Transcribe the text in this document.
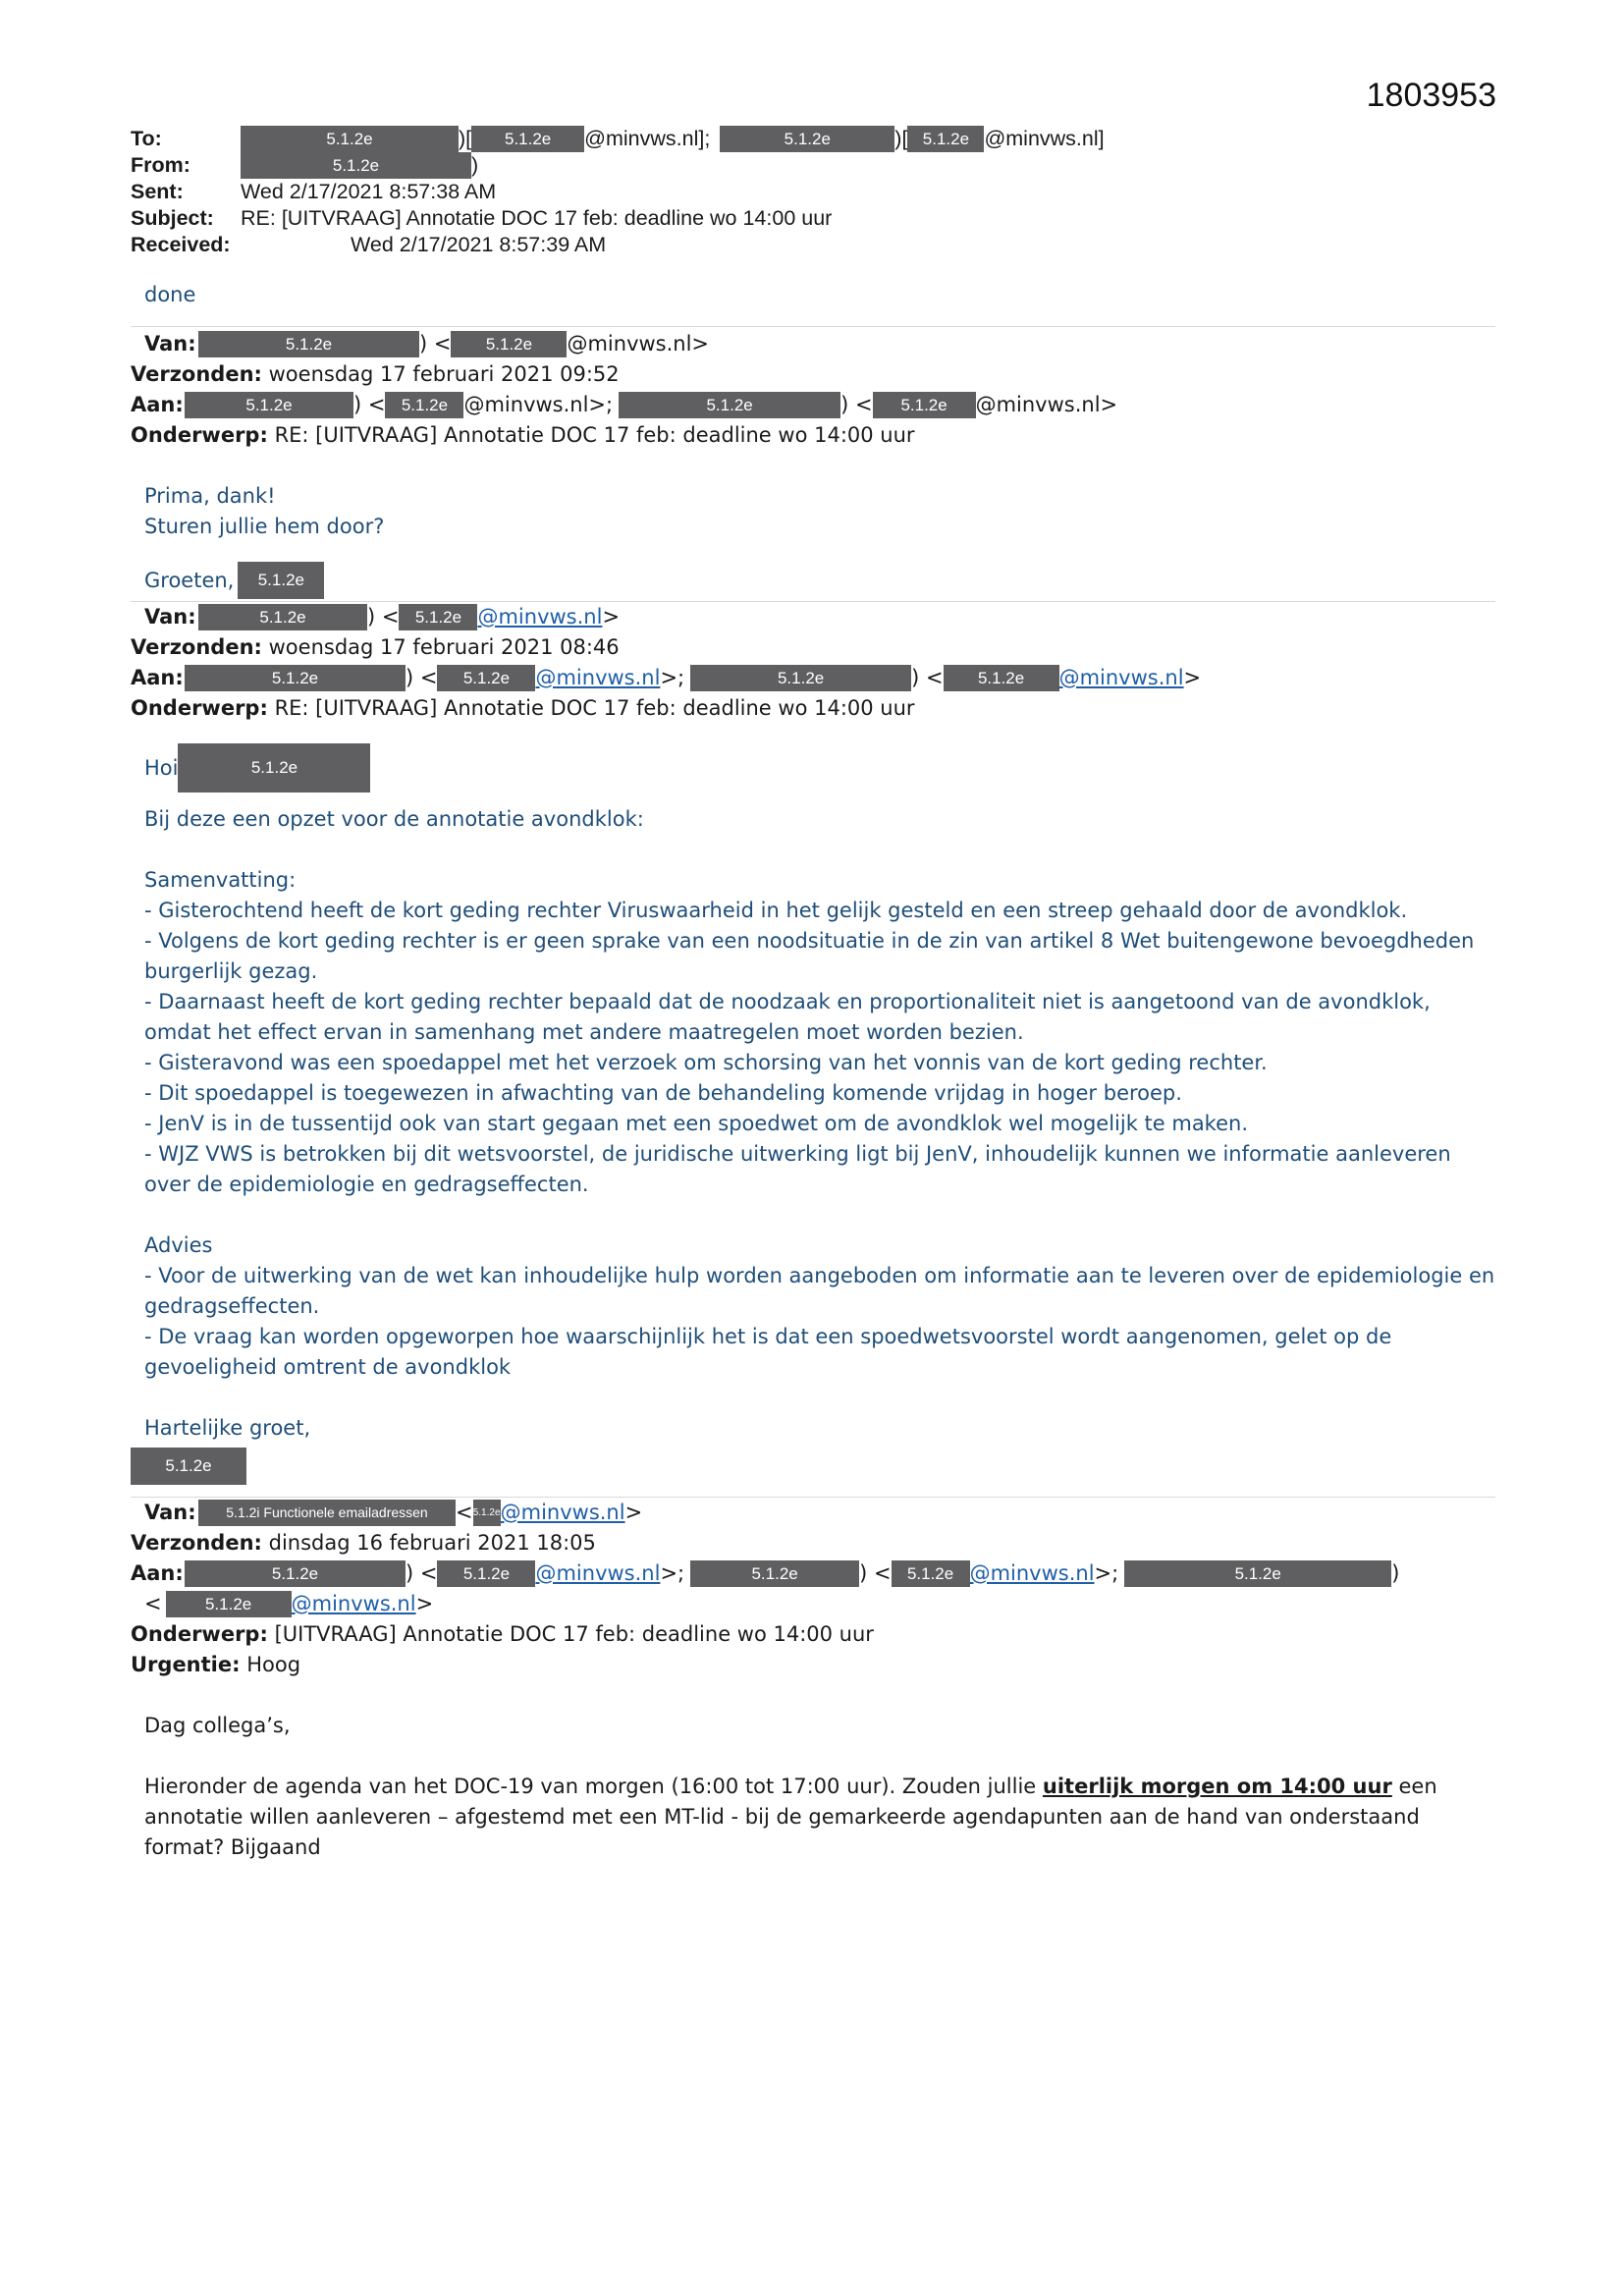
1803953
To:	5.1.2e	)[	5.1.2e	@minvws.nl];	5.1.2e	)[ 5.1.2e @minvws.nl]
From:	5.1.2e	)
Sent:	Wed 2/17/2021 8:57:38 AM
Subject:	RE: [UITVRAAG] Annotatie DOC 17 feb: deadline wo 14:00 uur
Received:	Wed 2/17/2021 8:57:39 AM

done

Van:	5.1.2e	) <	5.1.2e	@minvws.nl>
Verzonden:
woensdag 17 februari 2021 09:52
Aan:	5.1.2e	) < 5.1.2e @minvws.nl>;	5.1.2e	) <	5.1.2e	@minvws.nl>
Onderwerp:
RE: [UITVRAAG] Annotatie DOC 17 feb: deadline wo 14:00 uur

Prima, dank!

Sturen jullie hem door?

Groeten,	5.1.2e

Van:	5.1.2e	) < 5.1.2e @minvws.nl >
Verzonden:
woensdag 17 februari 2021 08:46
Aan:	5.1.2e	) <	5.1.2e	@minvws.nl >;	5.1.2e	) <	5.1.2e	@minvws.nl >
Onderwerp:
RE: [UITVRAAG] Annotatie DOC 17 feb: deadline wo 14:00 uur

Hoi	5.1.2e

Bij deze een opzet voor de annotatie avondklok:

Samenvatting:

- Gisterochtend heeft de kort geding rechter Viruswaarheid in het gelijk gesteld en een streep gehaald door de avondklok.

- Volgens de kort geding rechter is er geen sprake van een noodsituatie in de zin van artikel 8 Wet buitengewone bevoegdheden burgerlijk gezag.

- Daarnaast heeft de kort geding rechter bepaald dat de noodzaak en proportionaliteit niet is aangetoond van de avondklok, omdat het effect ervan in samenhang met andere maatregelen moet worden bezien.

- Gisteravond was een spoedappel met het verzoek om schorsing van het vonnis van de kort geding rechter.

- Dit spoedappel is toegewezen in afwachting van de behandeling komende vrijdag in hoger beroep.

- JenV is in de tussentijd ook van start gegaan met een spoedwet om de avondklok wel mogelijk te maken.

- WJZ VWS is betrokken bij dit wetsvoorstel, de juridische uitwerking ligt bij JenV, inhoudelijk kunnen we informatie aanleveren over de epidemiologie en gedragseffecten.

Advies

- Voor de uitwerking van de wet kan inhoudelijke hulp worden aangeboden om informatie aan te leveren over de epidemiologie en gedragseffecten.

- De vraag kan worden opgeworpen hoe waarschijnlijk het is dat een spoedwetsvoorstel wordt aangenomen, gelet op de gevoeligheid omtrent de avondklok

Hartelijke groet,

5.1.2e
Van:	5.1.2i Functionele emailadressen	< 5.1.2e @minvws.nl >
Verzonden:
dinsdag 16 februari 2021 18:05
Aan:	5.1.2e	) <	5.1.2e	@minvws.nl >;	5.1.2e	) < 5.1.2e @minvws.nl >;	5.1.2e	)
<	5.1.2e	@minvws.nl >
Onderwerp:
[UITVRAAG] Annotatie DOC 17 feb: deadline wo 14:00 uur
Urgentie:
Hoog

Dag collega’s,

Hieronder de agenda van het DOC-19 van morgen (16:00 tot 17:00 uur). Zouden jullie uiterlijk morgen om 14:00 uur een annotatie willen aanleveren – afgestemd met een MT-lid - bij de gemarkeerde agendapunten aan de hand van onderstaand format? Bijgaand
